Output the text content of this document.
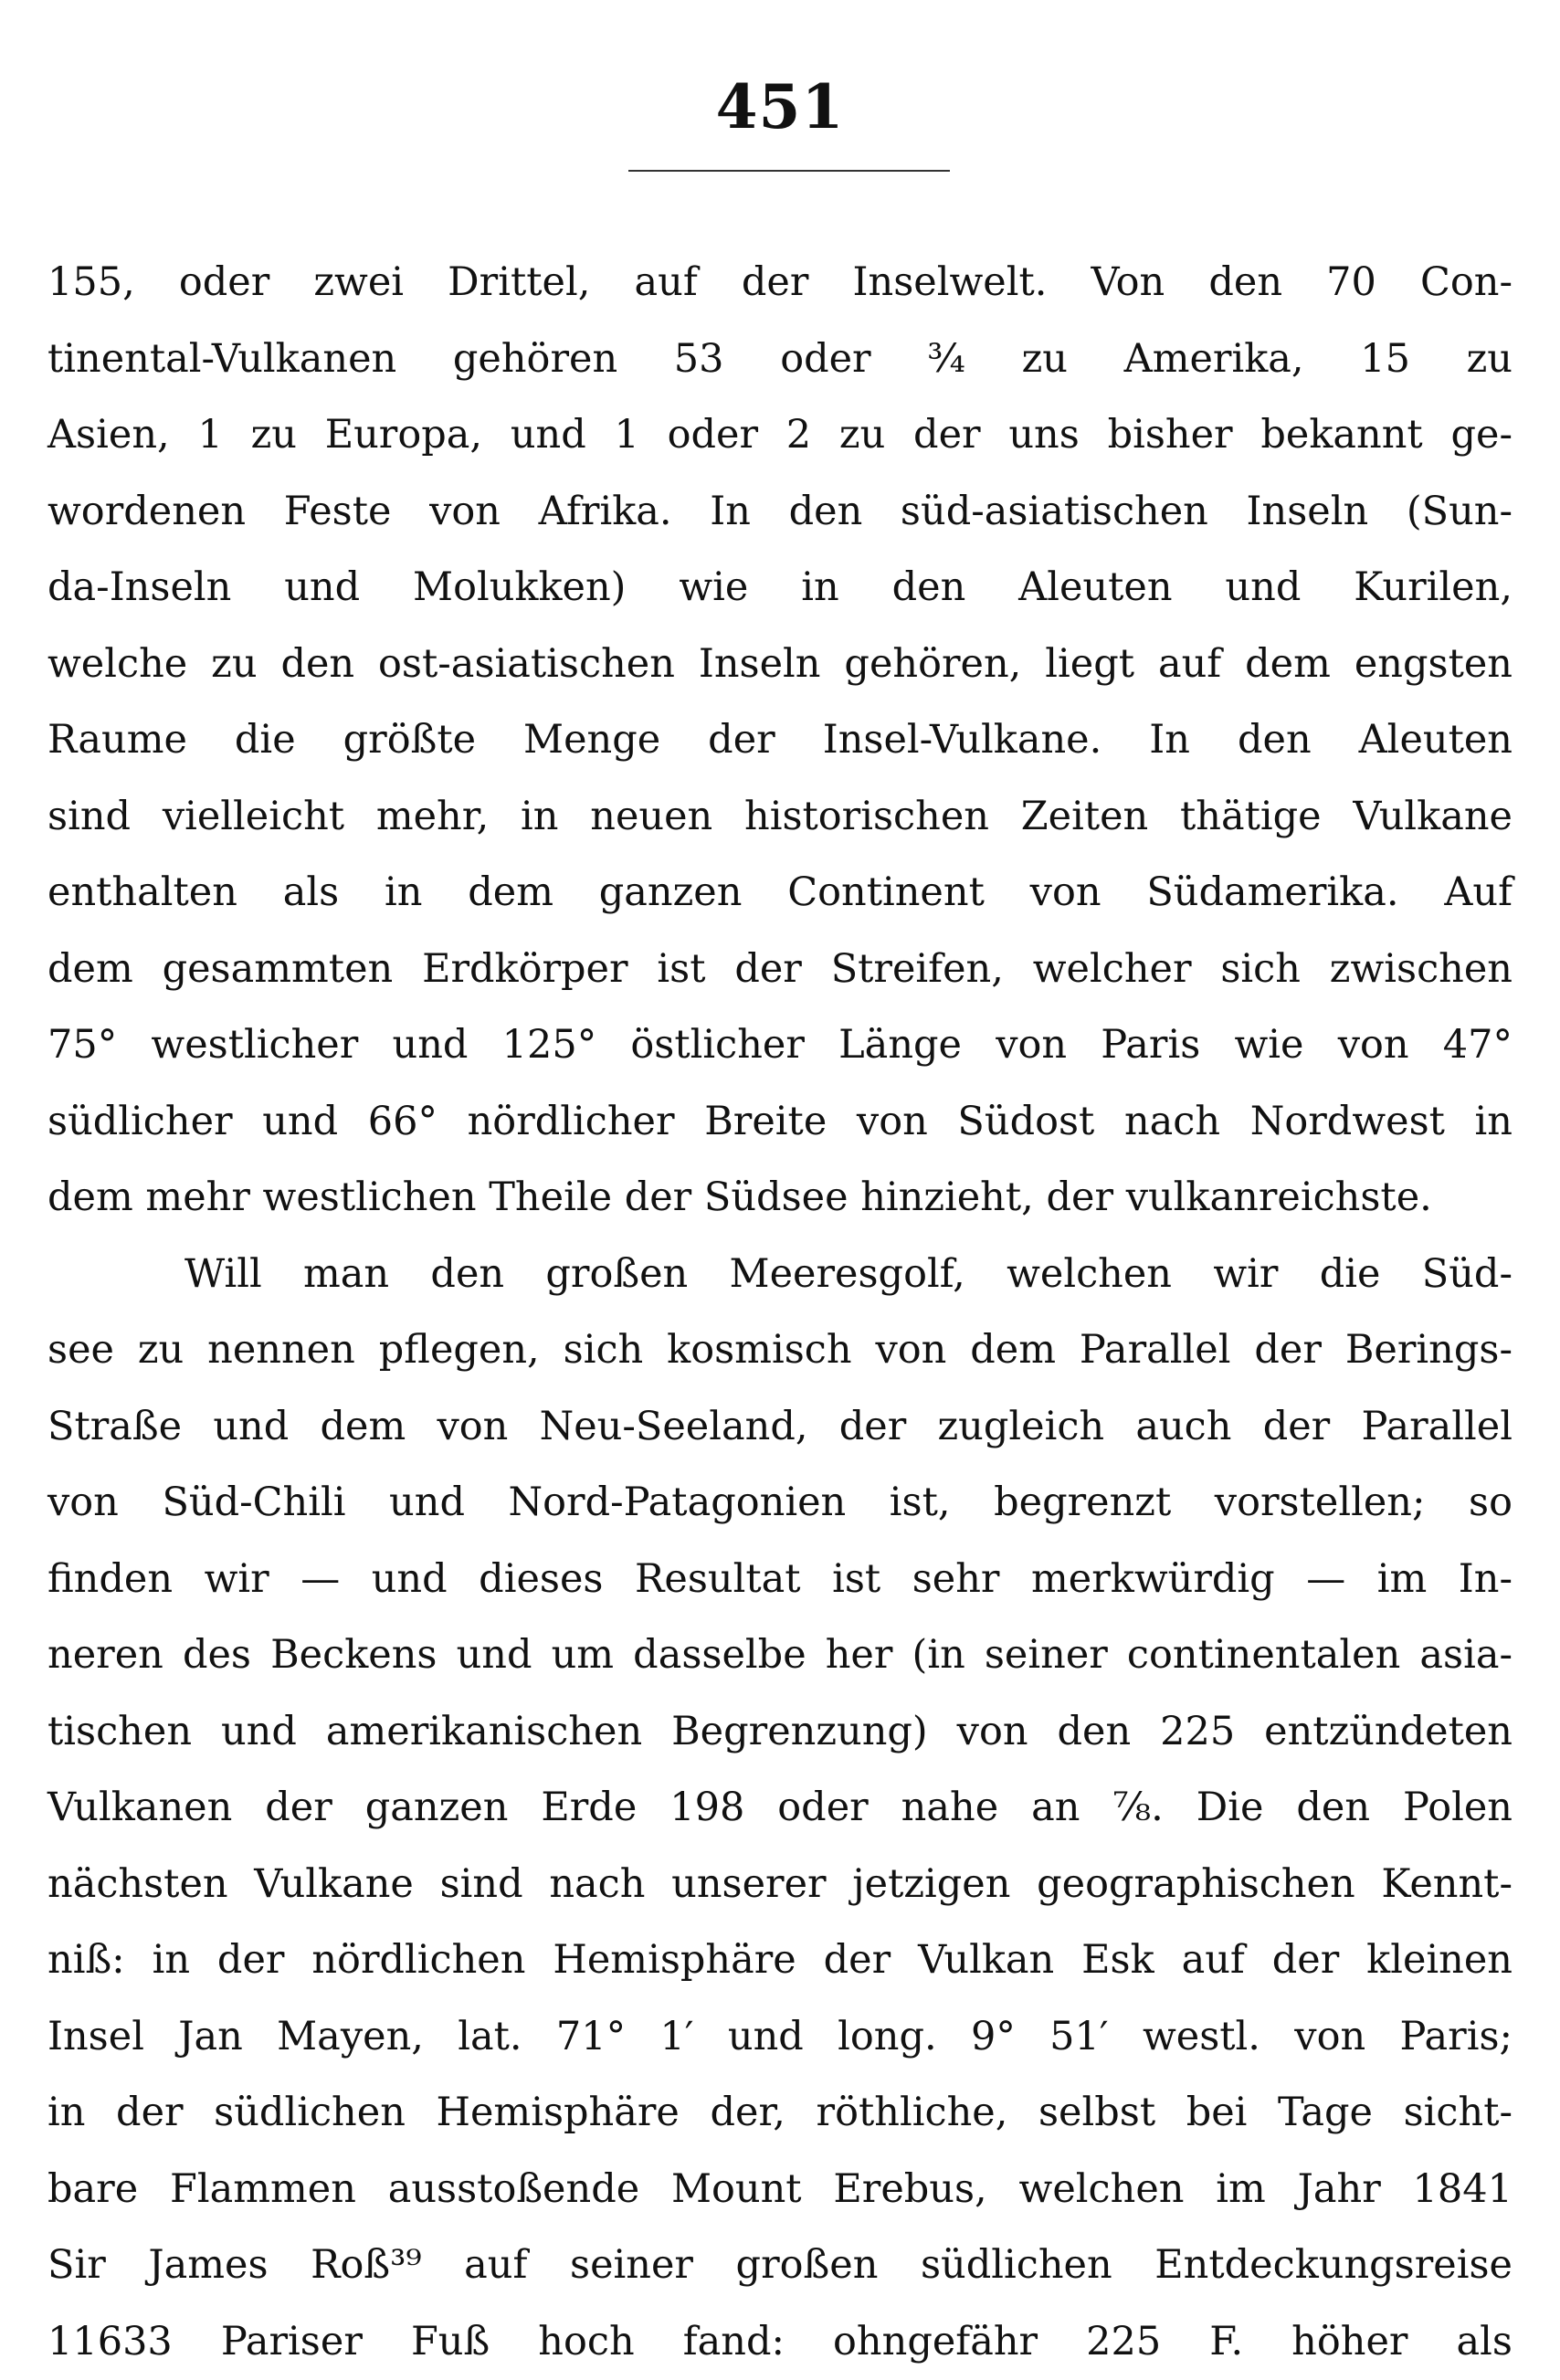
451
155, oder zwei Drittel, auf der Inselwelt. Von den 70 Con-
tinental-Vulkanen gehören 53 oder ¾ zu Amerika, 15 zu
Asien, 1 zu Europa, und 1 oder 2 zu der uns bisher bekannt ge-
wordenen Feste von Afrika. In den süd-asiatischen Inseln (Sun-
da-Inseln und Molukken) wie in den Aleuten und Kurilen,
welche zu den ost-asiatischen Inseln gehören, liegt auf dem engsten
Raume die größte Menge der Insel-Vulkane. In den Aleuten
sind vielleicht mehr, in neuen historischen Zeiten thätige Vulkane
enthalten als in dem ganzen Continent von Südamerika. Auf
dem gesammten Erdkörper ist der Streifen, welcher sich zwischen
75° westlicher und 125° östlicher Länge von Paris wie von 47°
südlicher und 66° nördlicher Breite von Südost nach Nordwest in
dem mehr westlichen Theile der Südsee hinzieht, der vulkanreichste.
Will man den großen Meeresgolf, welchen wir die Süd-
see zu nennen pflegen, sich kosmisch von dem Parallel der Berings-
Straße und dem von Neu-Seeland, der zugleich auch der Parallel
von Süd-Chili und Nord-Patagonien ist, begrenzt vorstellen; so
finden wir — und dieses Resultat ist sehr merkwürdig — im In-
neren des Beckens und um dasselbe her (in seiner continentalen asia-
tischen und amerikanischen Begrenzung) von den 225 entzündeten
Vulkanen der ganzen Erde 198 oder nahe an ⅞. Die den Polen
nächsten Vulkane sind nach unserer jetzigen geographischen Kennt-
niß: in der nördlichen Hemisphäre der Vulkan Esk auf der kleinen
Insel Jan Mayen, lat. 71° 1′ und long. 9° 51′ westl. von Paris;
in der südlichen Hemisphäre der, röthliche, selbst bei Tage sicht-
bare Flammen ausstoßende Mount Erebus, welchen im Jahr 1841
Sir James Roß³⁹ auf seiner großen südlichen Entdeckungsreise
11633 Pariser Fuß hoch fand: ohngefähr 225 F. höher als
